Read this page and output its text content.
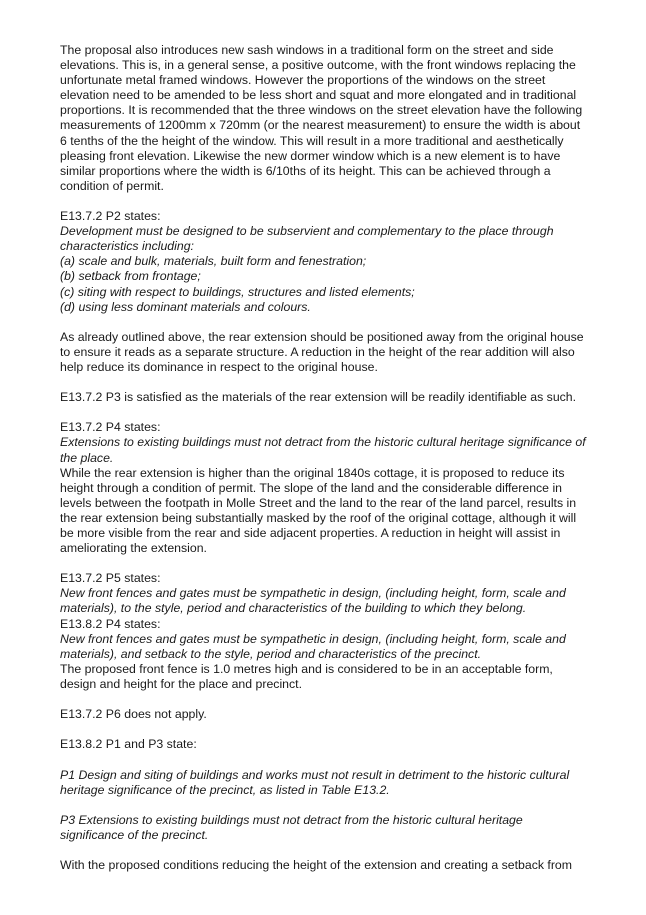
The proposal also introduces new sash windows in a traditional form on the street and side elevations. This is, in a general sense, a positive outcome, with the front windows replacing the unfortunate metal framed windows. However the proportions of the windows on the street elevation need to be amended to be less short and squat and more elongated and in traditional proportions. It is recommended that the three windows on the street elevation have the following measurements of 1200mm x 720mm (or the nearest measurement) to ensure the width is about 6 tenths of the the height of the window. This will result in a more traditional and aesthetically pleasing front elevation. Likewise the new dormer window which is a new element is to have similar proportions where the width is 6/10ths of its height. This can be achieved through a condition of permit.

E13.7.2 P2 states:
Development must be designed to be subservient and complementary to the place through characteristics including:
(a) scale and bulk, materials, built form and fenestration;
(b) setback from frontage;
(c) siting with respect to buildings, structures and listed elements;
(d) using less dominant materials and colours.

As already outlined above, the rear extension should be positioned away from the original house to ensure it reads as a separate structure. A reduction in the height of the rear addition will also help reduce its dominance in respect to the original house.

E13.7.2 P3 is satisfied as the materials of the rear extension will be readily identifiable as such.

E13.7.2 P4 states:
Extensions to existing buildings must not detract from the historic cultural heritage significance of the place.
While the rear extension is higher than the original 1840s cottage, it is proposed to reduce its height through a condition of permit. The slope of the land and the considerable difference in levels between the footpath in Molle Street and the land to the rear of the land parcel, results in the rear extension being substantially masked by the roof of the original cottage, although it will be more visible from the rear and side adjacent properties. A reduction in height will assist in ameliorating the extension.

E13.7.2 P5 states:
New front fences and gates must be sympathetic in design, (including height, form, scale and materials), to the style, period and characteristics of the building to which they belong.
E13.8.2 P4 states:
New front fences and gates must be sympathetic in design, (including height, form, scale and materials), and setback to the style, period and characteristics of the precinct.
The proposed front fence is 1.0 metres high and is considered to be in an acceptable form, design and height for the place and precinct.

E13.7.2 P6 does not apply.

E13.8.2 P1 and P3 state:

P1 Design and siting of buildings and works must not result in detriment to the historic cultural heritage significance of the precinct, as listed in Table E13.2.

P3 Extensions to existing buildings must not detract from the historic cultural heritage significance of the precinct.

With the proposed conditions reducing the height of the extension and creating a setback from
